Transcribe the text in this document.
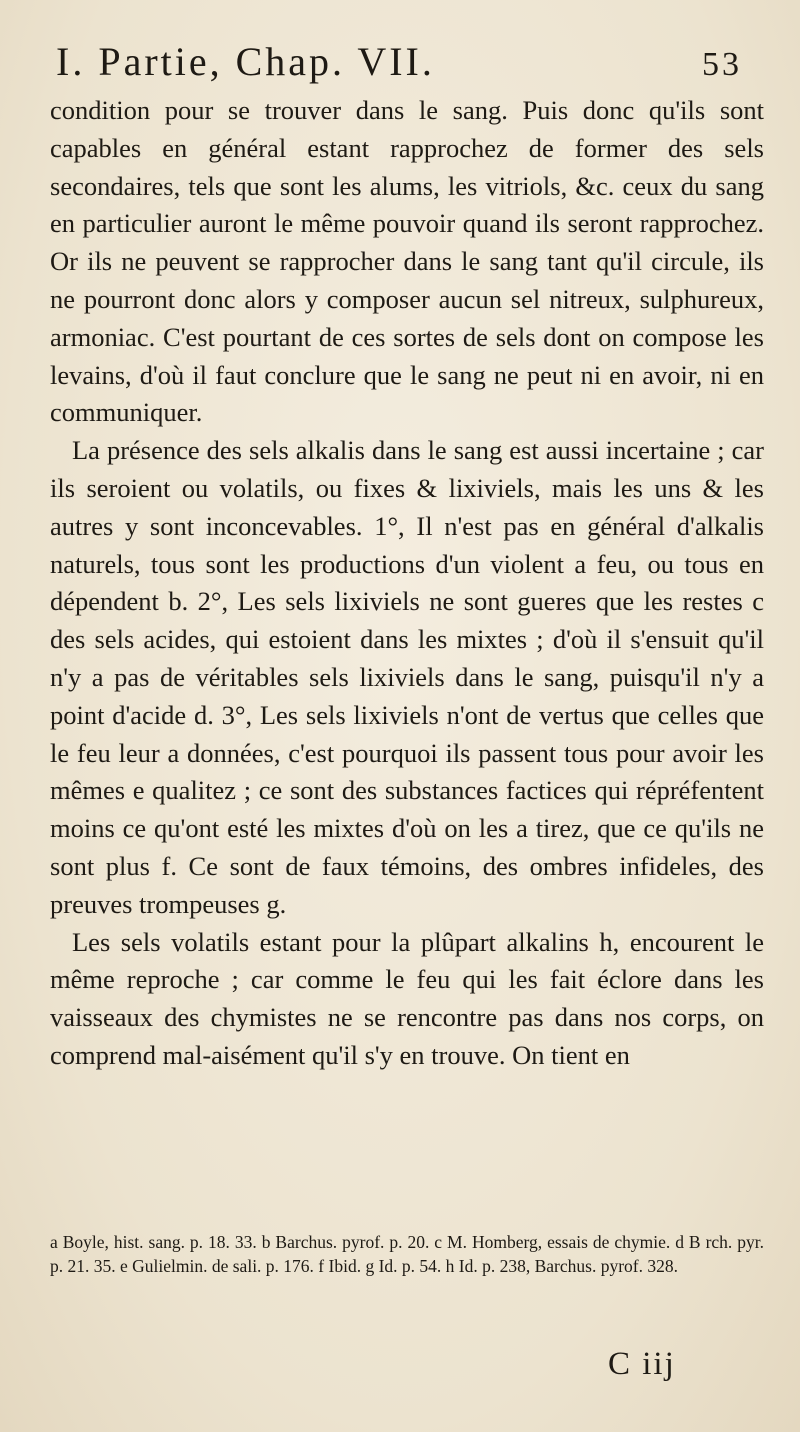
I. Partie, Chap. VII.	53

condition pour se trouver dans le sang. Puis donc qu'ils sont capables en général estant rapprochez de former des sels secondaires, tels que sont les alums, les vitriols, &c. ceux du sang en particulier auront le même pouvoir quand ils seront rapprochez. Or ils ne peuvent se rapprocher dans le sang tant qu'il circule, ils ne pourront donc alors y composer aucun sel nitreux, sulphureux, armoniac. C'est pourtant de ces sortes de sels dont on compose les levains, d'où il faut conclure que le sang ne peut ni en avoir, ni en communiquer.

La présence des sels alkalis dans le sang est aussi incertaine ; car ils seroient ou volatils, ou fixes & lixiviels, mais les uns & les autres y sont inconcevables. 1°, Il n'est pas en général d'alkalis naturels, tous sont les productions d'un violent a feu, ou tous en dépendent b. 2°, Les sels lixiviels ne sont gueres que les restes c des sels acides, qui estoient dans les mixtes ; d'où il s'ensuit qu'il n'y a pas de véritables sels lixiviels dans le sang, puisqu'il n'y a point d'acide d. 3°, Les sels lixiviels n'ont de vertus que celles que le feu leur a données, c'est pourquoi ils passent tous pour avoir les mêmes e qualitez ; ce sont des substances factices qui répréfentent moins ce qu'ont esté les mixtes d'où on les a tirez, que ce qu'ils ne sont plus f. Ce sont de faux témoins, des ombres infideles, des preuves trompeuses g.

Les sels volatils estant pour la plûpart alkalins h, encourent le même reproche ; car comme le feu qui les fait éclore dans les vaisseaux des chymistes ne se rencontre pas dans nos corps, on comprend mal-aisément qu'il s'y en trouve. On tient en

a Boyle, hist. sang. p. 18. 33. b Barchus. pyrof. p. 20. c M. Homberg, essais de chymie. d B rch. pyr. p. 21. 35. e Gulielmin. de sali. p. 176. f Ibid. g Id. p. 54. h Id. p. 238, Barchus. pyrof. 328.

C iij
